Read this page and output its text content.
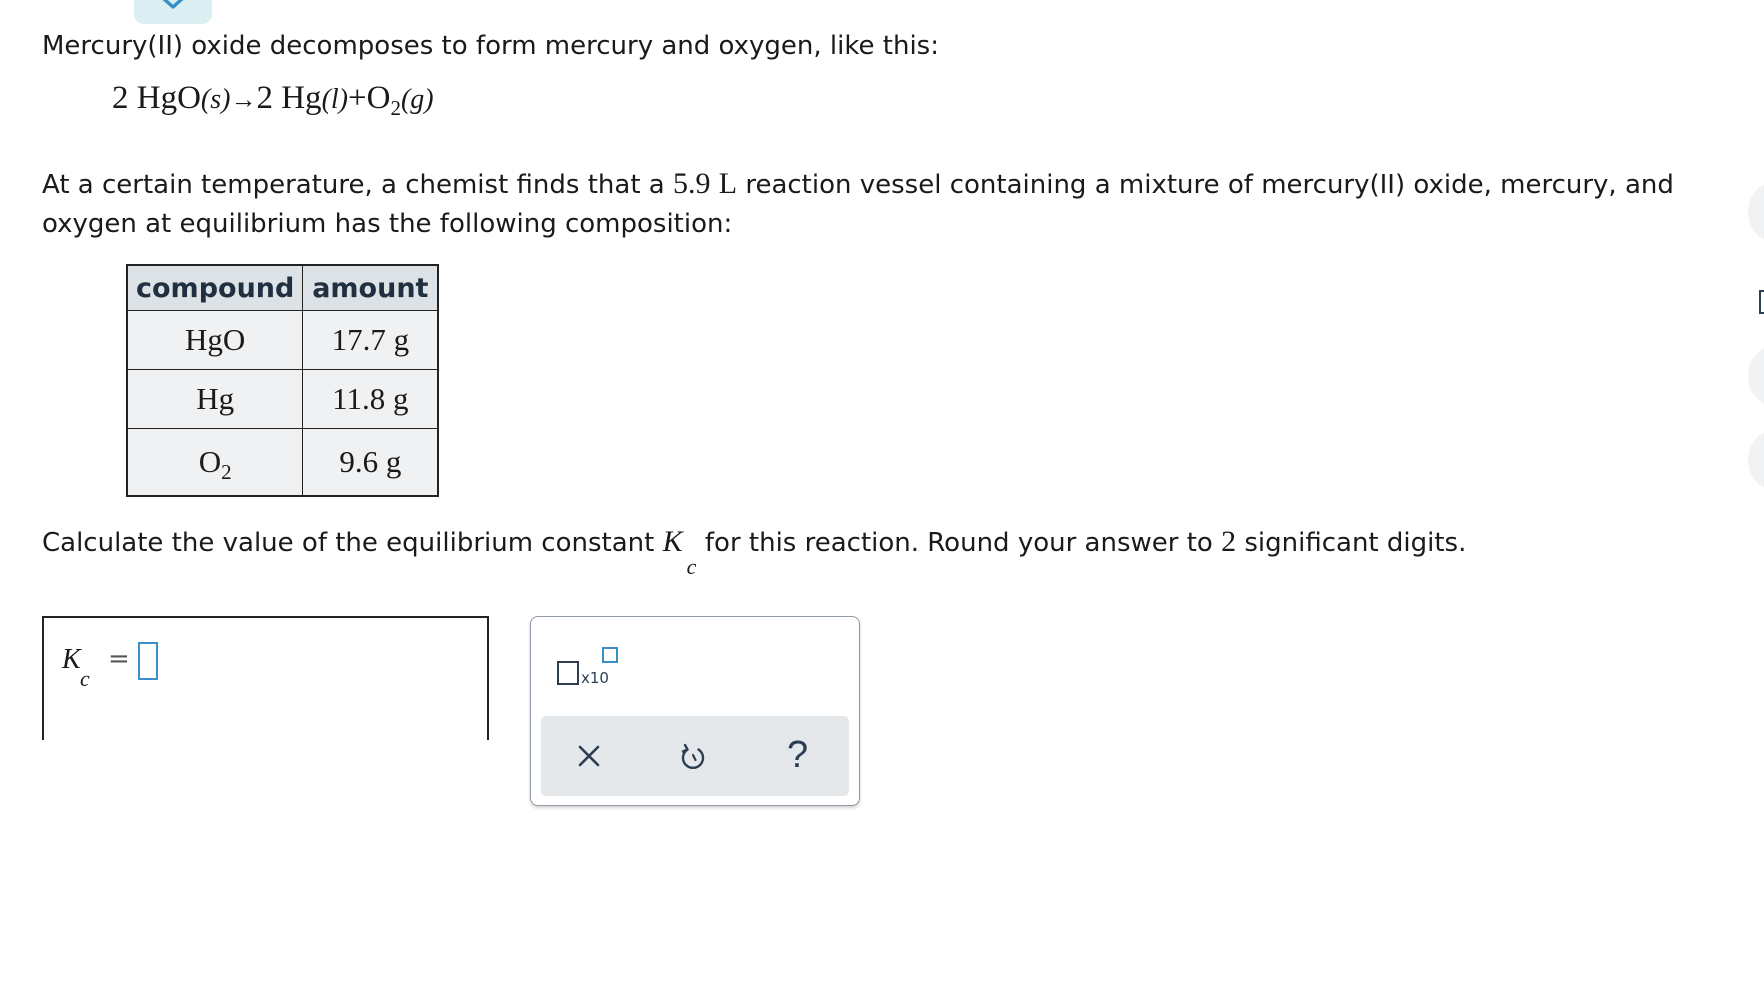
Mercury(II) oxide decomposes to form mercury and oxygen, like this:
2 HgO(s)→2 $Hg(l)+O_2(g)$
At a certain temperature, a chemist finds that a 5.9 L reaction vessel containing a mixture of mercury(II) oxide, mercury, and
oxygen at equilibrium has the following composition:
compound	amount
HgO	17.7 g
Hg	11.8 g
$O_2$	9.6 g
Calculate the value of the equilibrium constant K
c
for this reaction. Round your answer to 2 significant digits.
K
c
=
x10
?
